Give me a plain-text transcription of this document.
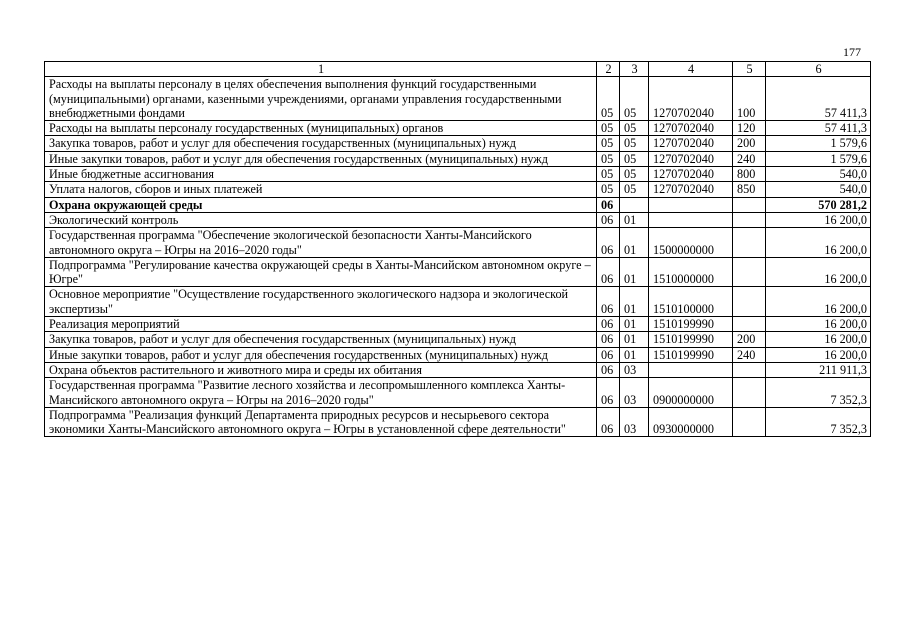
177
1	2	3	4	5	6
Расходы на выплаты персоналу в целях обеспечения выполнения функций государственными (муниципальными) органами, казенными учреждениями, органами управления государственными внебюджетными фондами	05	05	1270702040	100	57 411,3
Расходы на выплаты персоналу государственных (муниципальных) органов	05	05	1270702040	120	57 411,3
Закупка товаров, работ и услуг для обеспечения государственных (муниципальных) нужд	05	05	1270702040	200	1 579,6
Иные закупки товаров, работ и услуг для обеспечения государственных (муниципальных) нужд	05	05	1270702040	240	1 579,6
Иные бюджетные ассигнования	05	05	1270702040	800	540,0
Уплата налогов, сборов и иных платежей	05	05	1270702040	850	540,0
Охрана окружающей среды	06				570 281,2
Экологический контроль	06	01			16 200,0
Государственная программа "Обеспечение экологической безопасности Ханты-Мансийского автономного округа – Югры на 2016–2020 годы"	06	01	1500000000		16 200,0
Подпрограмма "Регулирование качества окружающей среды в Ханты-Мансийском автономном округе – Югре"	06	01	1510000000		16 200,0
Основное мероприятие "Осуществление государственного экологического надзора и экологической экспертизы"	06	01	1510100000		16 200,0
Реализация мероприятий	06	01	1510199990		16 200,0
Закупка товаров, работ и услуг для обеспечения государственных (муниципальных) нужд	06	01	1510199990	200	16 200,0
Иные закупки товаров, работ и услуг для обеспечения государственных (муниципальных) нужд	06	01	1510199990	240	16 200,0
Охрана объектов растительного и животного мира и среды их обитания	06	03			211 911,3
Государственная программа "Развитие лесного хозяйства и лесопромышленного комплекса Ханты-Мансийского автономного округа – Югры на 2016–2020 годы"	06	03	0900000000		7 352,3
Подпрограмма "Реализация функций Департамента природных ресурсов и несырьевого сектора экономики Ханты-Мансийского автономного округа – Югры в установленной сфере деятельности"	06	03	0930000000		7 352,3
